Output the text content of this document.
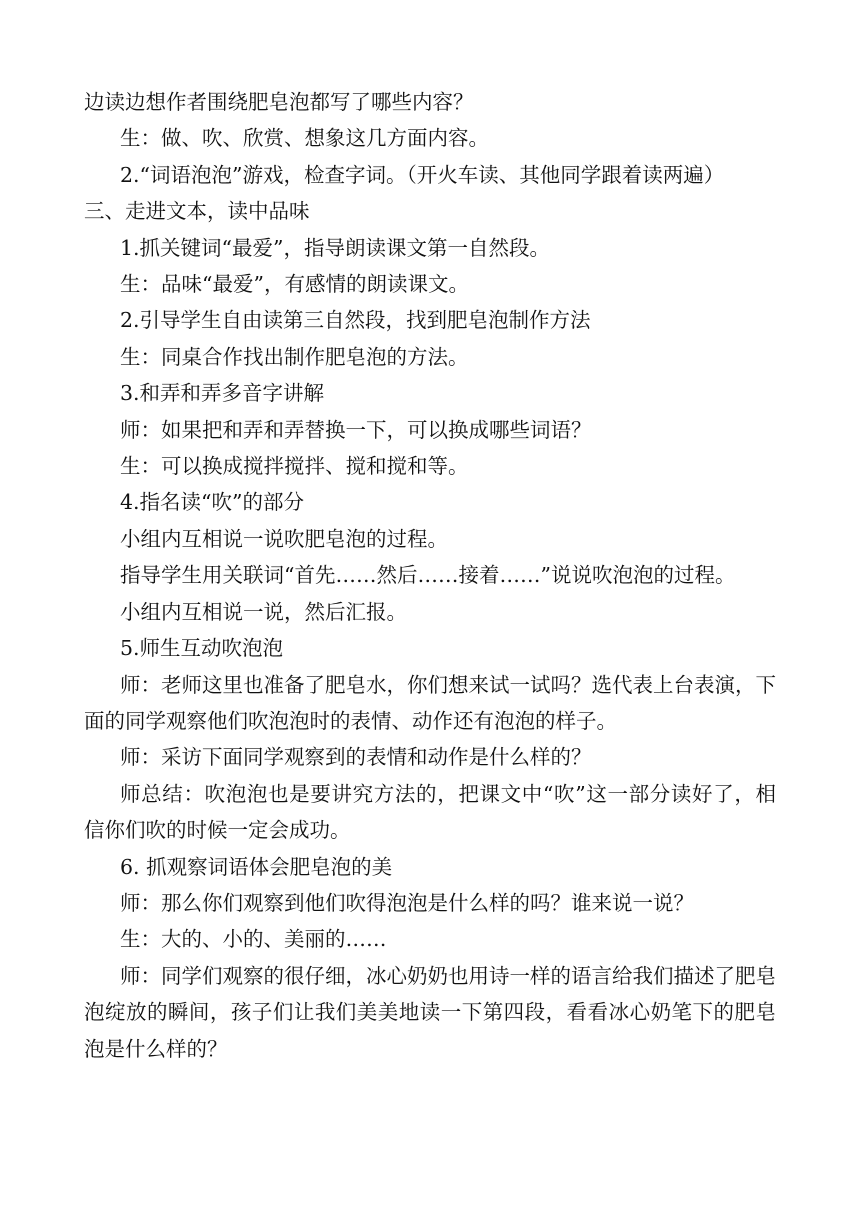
边读边想作者围绕肥皂泡都写了哪些内容？

生：做、吹、欣赏、想象这几方面内容。

2.“词语泡泡”游戏，检查字词。（开火车读、其他同学跟着读两遍）

三、走进文本，读中品味

1.抓关键词“最爱”，指导朗读课文第一自然段。

生：品味“最爱”，有感情的朗读课文。

2.引导学生自由读第三自然段，找到肥皂泡制作方法

生：同桌合作找出制作肥皂泡的方法。

3.和弄和弄多音字讲解

师：如果把和弄和弄替换一下，可以换成哪些词语？

生：可以换成搅拌搅拌、搅和搅和等。

4.指名读“吹”的部分

小组内互相说一说吹肥皂泡的过程。

指导学生用关联词“首先……然后……接着……”说说吹泡泡的过程。

小组内互相说一说，然后汇报。

5.师生互动吹泡泡

师：老师这里也准备了肥皂水，你们想来试一试吗？选代表上台表演，下面的同学观察他们吹泡泡时的表情、动作还有泡泡的样子。

师：采访下面同学观察到的表情和动作是什么样的？

师总结：吹泡泡也是要讲究方法的，把课文中“吹”这一部分读好了，相信你们吹的时候一定会成功。

6. 抓观察词语体会肥皂泡的美

师：那么你们观察到他们吹得泡泡是什么样的吗？谁来说一说？

生：大的、小的、美丽的……

师：同学们观察的很仔细，冰心奶奶也用诗一样的语言给我们描述了肥皂泡绽放的瞬间，孩子们让我们美美地读一下第四段，看看冰心奶笔下的肥皂泡是什么样的？
